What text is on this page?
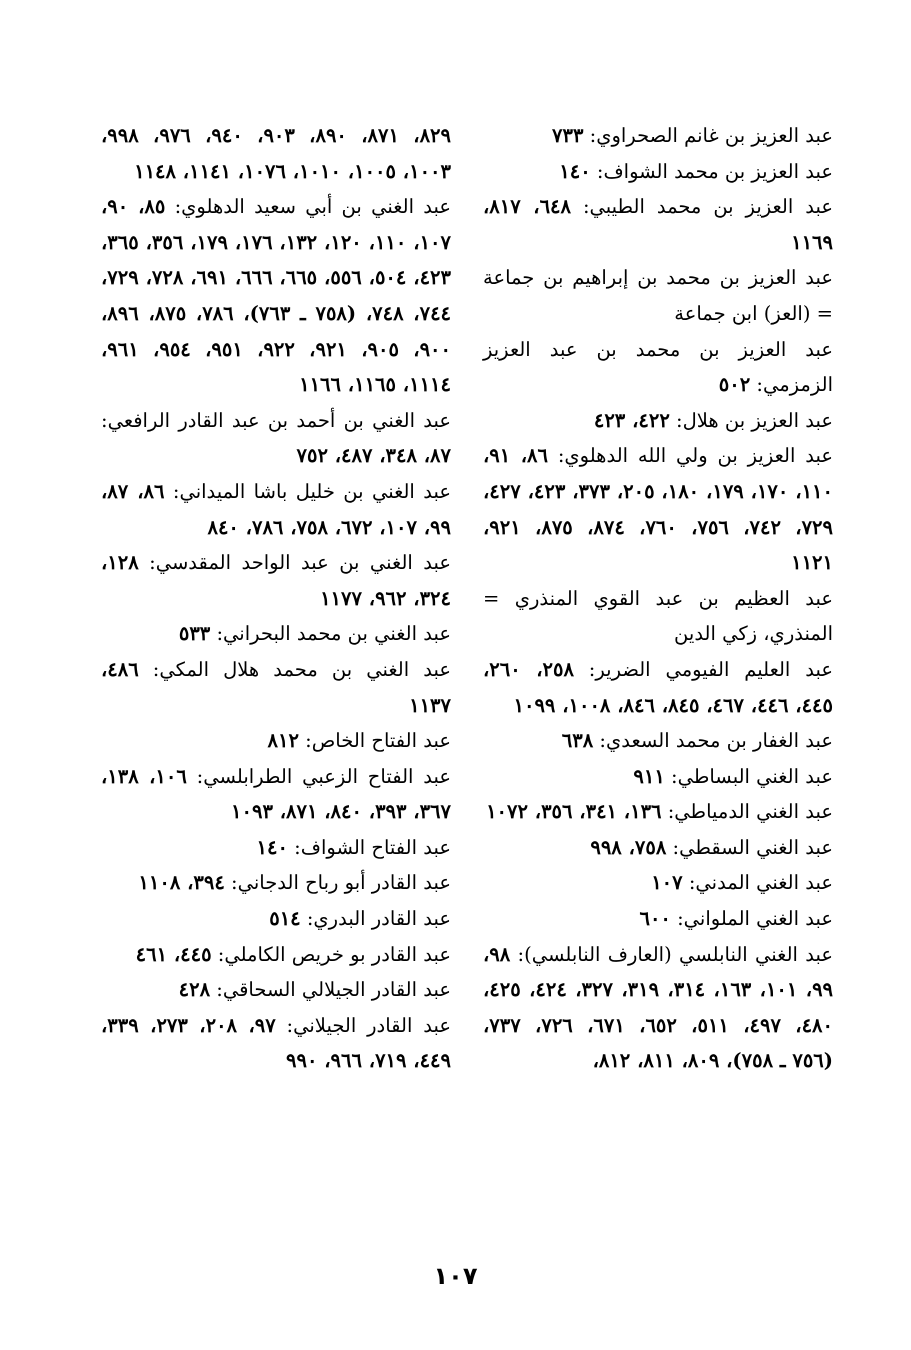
عبد العزيز بن غانم الصحراوي: ٧٣٣

عبد العزيز بن محمد الشواف: ١٤٠

عبد العزيز بن محمد الطيبي: ٦٤٨، ٨١٧، ١١٦٩

عبد العزيز بن محمد بن إبراهيم بن جماعة = (العز) ابن جماعة

عبد العزيز بن محمد بن عبد العزيز الزمزمي: ٥٠٢

عبد العزيز بن هلال: ٤٢٢، ٤٢٣

عبد العزيز بن ولي الله الدهلوي: ٨٦، ٩١، ١١٠، ١٧٠، ١٧٩، ١٨٠، ٢٠٥، ٣٧٣، ٤٢٣، ٤٢٧، ٧٢٩، ٧٤٢، ٧٥٦، ٧٦٠، ٨٧٤، ٨٧٥، ٩٢١، ١١٢١

عبد العظيم بن عبد القوي المنذري = المنذري، زكي الدين

عبد العليم الفيومي الضرير: ٢٥٨، ٢٦٠، ٤٤٥، ٤٤٦، ٤٦٧، ٨٤٥، ٨٤٦، ١٠٠٨، ١٠٩٩

عبد الغفار بن محمد السعدي: ٦٣٨

عبد الغني البساطي: ٩١١

عبد الغني الدمياطي: ١٣٦، ٣٤١، ٣٥٦، ١٠٧٢

عبد الغني السقطي: ٧٥٨، ٩٩٨

عبد الغني المدني: ١٠٧

عبد الغني الملواني: ٦٠٠

عبد الغني النابلسي (العارف النابلسي): ٩٨، ٩٩، ١٠١، ١٦٣، ٣١٤، ٣١٩، ٣٢٧، ٤٢٤، ٤٢٥، ٤٨٠، ٤٩٧، ٥١١، ٦٥٢، ٦٧١، ٧٢٦، ٧٣٧، (٧٥٦ ـ ٧٥٨)، ٨٠٩، ٨١١، ٨١٢،

٨٢٩، ٨٧١، ٨٩٠، ٩٠٣، ٩٤٠، ٩٧٦، ٩٩٨، ١٠٠٣، ١٠٠٥، ١٠١٠، ١٠٧٦، ١١٤١، ١١٤٨

عبد الغني بن أبي سعيد الدهلوي: ٨٥، ٩٠، ١٠٧، ١١٠، ١٢٠، ١٣٢، ١٧٦، ١٧٩، ٣٥٦، ٣٦٥، ٤٢٣، ٥٠٤، ٥٥٦، ٦٦٥، ٦٦٦، ٦٩١، ٧٢٨، ٧٢٩، ٧٤٤، ٧٤٨، (٧٥٨ ـ ٧٦٣)، ٧٨٦، ٨٧٥، ٨٩٦، ٩٠٠، ٩٠٥، ٩٢١، ٩٢٢، ٩٥١، ٩٥٤، ٩٦١، ١١١٤، ١١٦٥، ١١٦٦

عبد الغني بن أحمد بن عبد القادر الرافعي: ٨٧، ٣٤٨، ٤٨٧، ٧٥٢

عبد الغني بن خليل باشا الميداني: ٨٦، ٨٧، ٩٩، ١٠٧، ٦٧٢، ٧٥٨، ٧٨٦، ٨٤٠

عبد الغني بن عبد الواحد المقدسي: ١٢٨، ٣٢٤، ٩٦٢، ١١٧٧

عبد الغني بن محمد البحراني: ٥٣٣

عبد الغني بن محمد هلال المكي: ٤٨٦، ١١٣٧

عبد الفتاح الخاص: ٨١٢

عبد الفتاح الزعبي الطرابلسي: ١٠٦، ١٣٨، ٣٦٧، ٣٩٣، ٨٤٠، ٨٧١، ١٠٩٣

عبد الفتاح الشواف: ١٤٠

عبد القادر أبو رباح الدجاني: ٣٩٤، ١١٠٨

عبد القادر البدري: ٥١٤

عبد القادر بو خريص الكاملي: ٤٤٥، ٤٦١

عبد القادر الجيلالي السحاقي: ٤٢٨

عبد القادر الجيلاني: ٩٧، ٢٠٨، ٢٧٣، ٣٣٩، ٤٤٩، ٧١٩، ٩٦٦، ٩٩٠

١٠٧
